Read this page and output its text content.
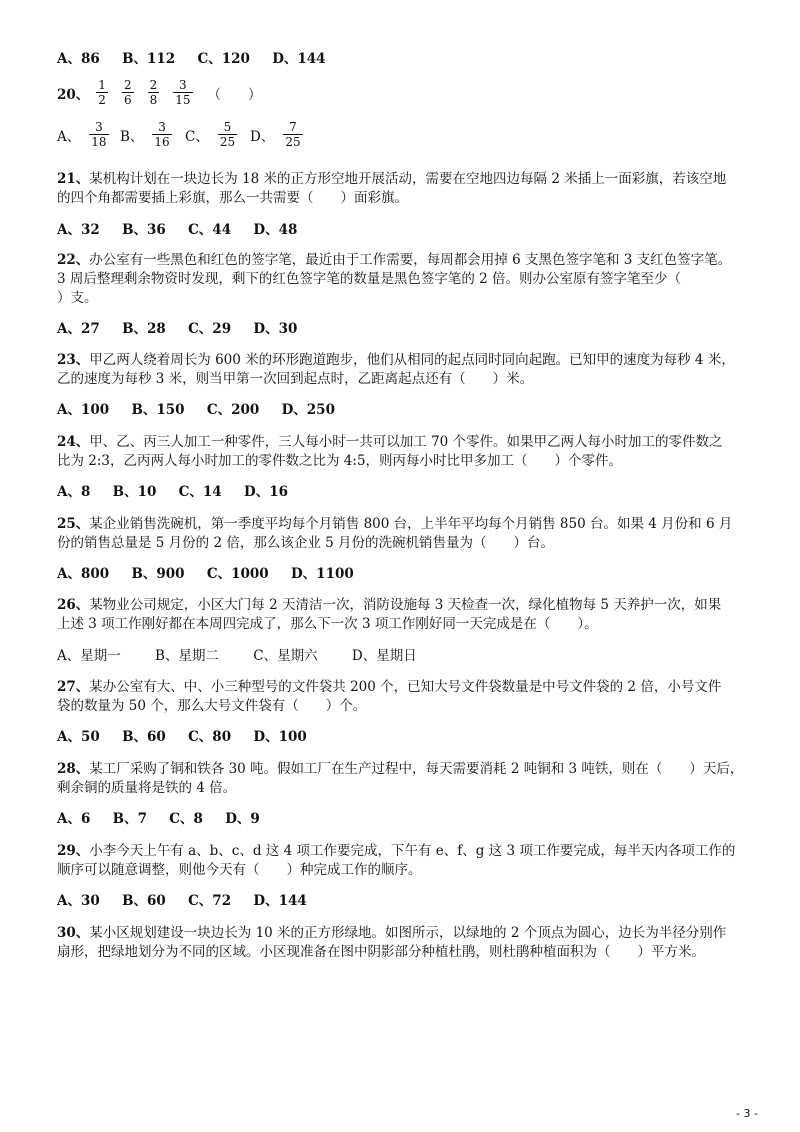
A、86 B、112 C、120 D、144
20、 $\frac{1}{2} \frac{2}{6} \frac{2}{8} \frac{3}{15}$ （　　）
A、 $\frac{3}{18}$ B、 $\frac{3}{16}$ C、 $\frac{5}{25}$ D、 $\frac{7}{25}$
21、某机构计划在一块边长为 18 米的正方形空地开展活动，需要在空地四边每隔 2 米插上一面彩旗，若该空地
的四个角都需要插上彩旗，那么一共需要（　　）面彩旗。
A、32 B、36 C、44 D、48
22、办公室有一些黑色和红色的签字笔，最近由于工作需要，每周都会用掉 6 支黑色签字笔和 3 支红色签字笔。
3 周后整理剩余物资时发现，剩下的红色签字笔的数量是黑色签字笔的 2 倍。则办公室原有签字笔至少（
）支。
A、27 B、28 C、29 D、30
23、甲乙两人绕着周长为 600 米的环形跑道跑步，他们从相同的起点同时同向起跑。已知甲的速度为每秒 4 米，
乙的速度为每秒 3 米，则当甲第一次回到起点时，乙距离起点还有（　　）米。
A、100 B、150 C、200 D、250
24、甲、乙、丙三人加工一种零件，三人每小时一共可以加工 70 个零件。如果甲乙两人每小时加工的零件数之
比为 2:3，乙丙两人每小时加工的零件数之比为 4:5，则丙每小时比甲多加工（　　）个零件。
A、8 B、10 C、14 D、16
25、某企业销售洗碗机，第一季度平均每个月销售 800 台，上半年平均每个月销售 850 台。如果 4 月份和 6 月
份的销售总量是 5 月份的 2 倍，那么该企业 5 月份的洗碗机销售量为（　　）台。
A、800 B、900 C、1000 D、1100
26、某物业公司规定，小区大门每 2 天清洁一次，消防设施每 3 天检查一次，绿化植物每 5 天养护一次，如果
上述 3 项工作刚好都在本周四完成了，那么下一次 3 项工作刚好同一天完成是在（　　）。
A、星期一	B、星期二	C、星期六	D、星期日
27、某办公室有大、中、小三种型号的文件袋共 200 个，已知大号文件袋数量是中号文件袋的 2 倍，小号文件
袋的数量为 50 个，那么大号文件袋有（　　）个。
A、50 B、60 C、80 D、100
28、某工厂采购了铜和铁各 30 吨。假如工厂在生产过程中，每天需要消耗 2 吨铜和 3 吨铁，则在（　　）天后，
剩余铜的质量将是铁的 4 倍。
A、6 B、7 C、8 D、9
29、小李今天上午有 a、b、c、d 这 4 项工作要完成，下午有 e、f、g 这 3 项工作要完成，每半天内各项工作的
顺序可以随意调整，则他今天有（　　）种完成工作的顺序。
A、30 B、60 C、72 D、144
30、某小区规划建设一块边长为 10 米的正方形绿地。如图所示，以绿地的 2 个顶点为圆心，边长为半径分别作
扇形，把绿地划分为不同的区域。小区现准备在图中阴影部分种植杜鹃，则杜鹃种植面积为（　　）平方米。
- 3 -
